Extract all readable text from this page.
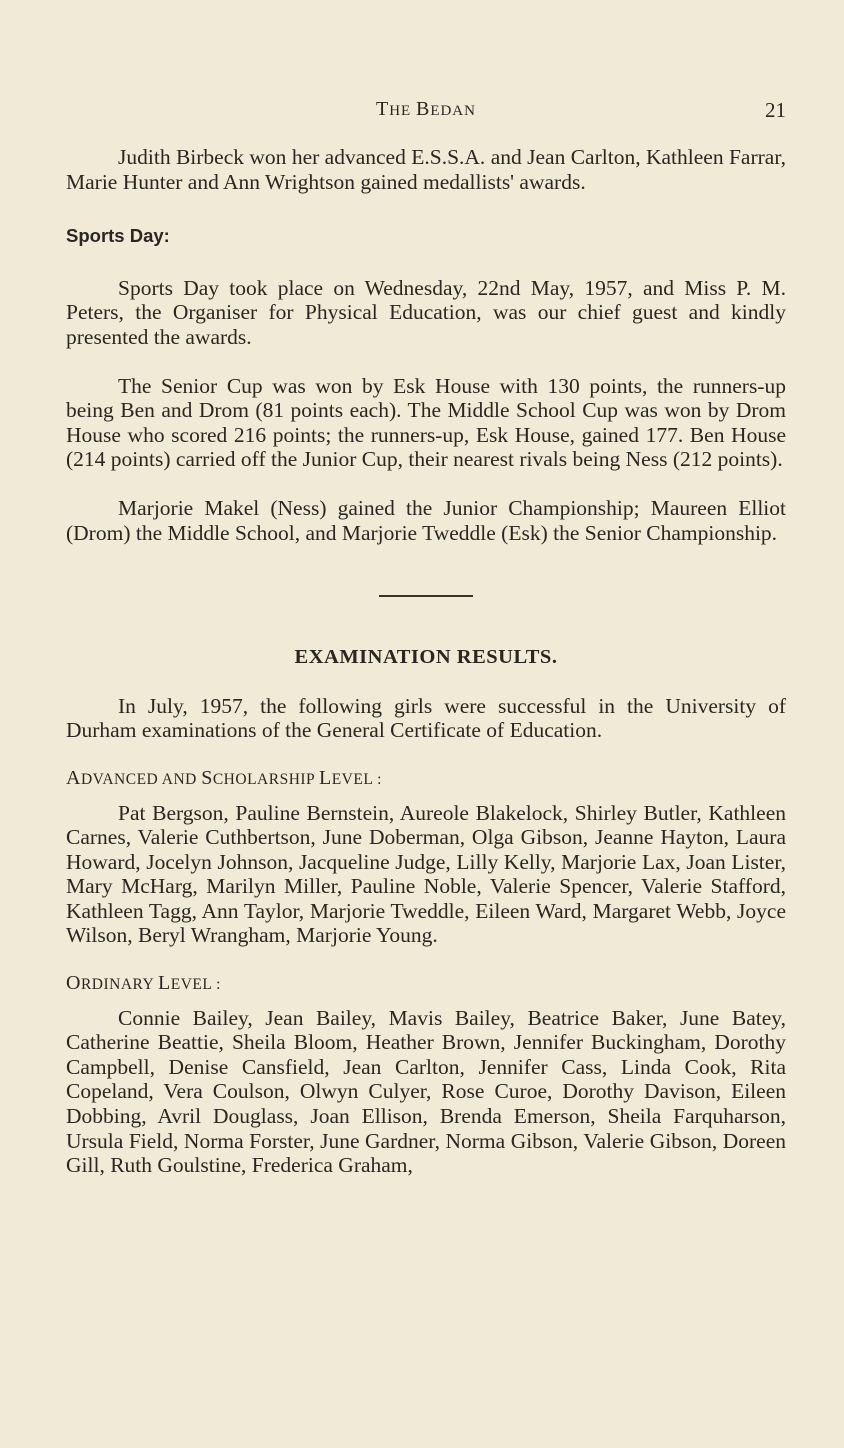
THE BEDAN	21

Judith Birbeck won her advanced E.S.S.A. and Jean Carlton, Kathleen Farrar, Marie Hunter and Ann Wrightson gained medallists' awards.

Sports Day:

Sports Day took place on Wednesday, 22nd May, 1957, and Miss P. M. Peters, the Organiser for Physical Education, was our chief guest and kindly presented the awards.

The Senior Cup was won by Esk House with 130 points, the runners-up being Ben and Drom (81 points each). The Middle School Cup was won by Drom House who scored 216 points; the runners-up, Esk House, gained 177. Ben House (214 points) carried off the Junior Cup, their nearest rivals being Ness (212 points).

Marjorie Makel (Ness) gained the Junior Championship; Maureen Elliot (Drom) the Middle School, and Marjorie Tweddle (Esk) the Senior Championship.

EXAMINATION RESULTS.

In July, 1957, the following girls were successful in the University of Durham examinations of the General Certificate of Education.

ADVANCED AND SCHOLARSHIP LEVEL :

Pat Bergson, Pauline Bernstein, Aureole Blakelock, Shirley Butler, Kathleen Carnes, Valerie Cuthbertson, June Doberman, Olga Gibson, Jeanne Hayton, Laura Howard, Jocelyn Johnson, Jacqueline Judge, Lilly Kelly, Marjorie Lax, Joan Lister, Mary McHarg, Marilyn Miller, Pauline Noble, Valerie Spencer, Valerie Stafford, Kathleen Tagg, Ann Taylor, Marjorie Tweddle, Eileen Ward, Margaret Webb, Joyce Wilson, Beryl Wrangham, Marjorie Young.

ORDINARY LEVEL :

Connie Bailey, Jean Bailey, Mavis Bailey, Beatrice Baker, June Batey, Catherine Beattie, Sheila Bloom, Heather Brown, Jennifer Buckingham, Dorothy Campbell, Denise Cansfield, Jean Carlton, Jennifer Cass, Linda Cook, Rita Copeland, Vera Coulson, Olwyn Culyer, Rose Curoe, Dorothy Davison, Eileen Dobbing, Avril Douglass, Joan Ellison, Brenda Emerson, Sheila Farquharson, Ursula Field, Norma Forster, June Gardner, Norma Gibson, Valerie Gibson, Doreen Gill, Ruth Goulstine, Frederica Graham,
